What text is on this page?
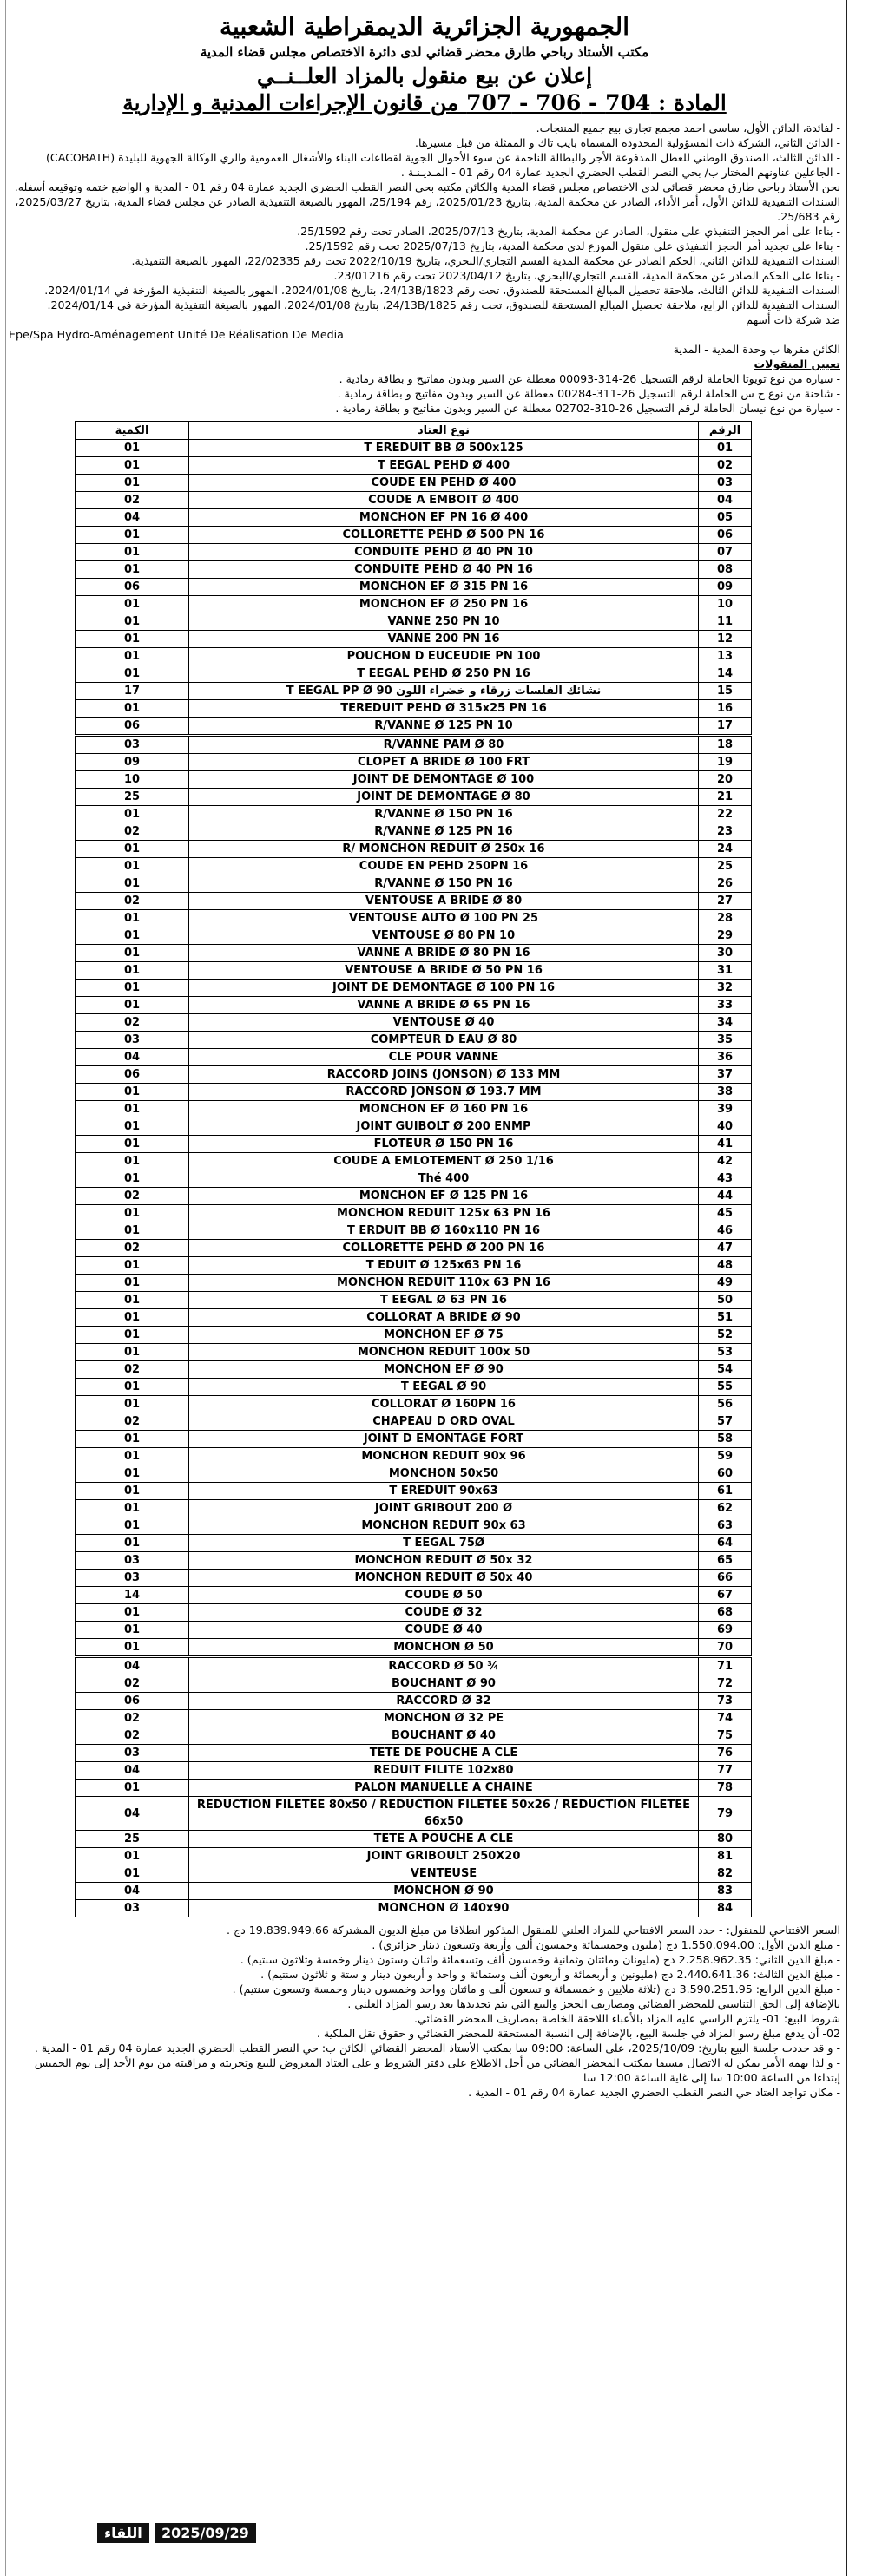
الجمهورية الجزائرية الديمقراطية الشعبية
مكتب الأستاذ رباحي طارق محضر قضائي لدى دائرة الاختصاص مجلس قضاء المدية
إعلان عن بيع منقول بالمزاد العلــنــي
المادة : 704 - 706 - 707 من قانون الإجراءات المدنية و الإدارية

- لفائدة، الدائن الأول، ساسي احمد مجمع تجاري بيع جميع المنتجات.

- الدائن الثاني، الشركة ذات المسؤولية المحدودة المسماة بايب تاك و الممثلة من قبل مسيرها.

- الدائن الثالث، الصندوق الوطني للعطل المدفوعة الأجر والبطالة الناجمة عن سوء الأحوال الجوية لقطاعات البناء والأشغال العمومية والري الوكالة الجهوية للبليدة (CACOBATH)

- الجاعلين عناونهم المختار ب/ بحي النصر القطب الحضري الجديد عمارة 04 رقم 01 - المـديـنـة .

نحن الأستاذ رباحي طارق محضر قضائي لدى الاختصاص مجلس قضاء المدية والكائن مكتبه بحي النصر القطب الحضري الجديد عمارة 04 رقم 01 - المدية و الواضع ختمه وتوقيعه أسفله.

السندات التنفيذية للدائن الأول، أمر الأداء، الصادر عن محكمة المدية، بتاريخ 2025/01/23، رقم 25/194، المهور بالصيغة التنفيذية الصادر عن مجلس قضاء المدية، بتاريخ 2025/03/27، رقم 25/683.

- بناءا على أمر الحجز التنفيذي على منقول، الصادر عن محكمة المدية، بتاريخ 2025/07/13، الصادر تحت رقم 25/1592.

- بناءا على تجديد أمر الحجز التنفيذي على منقول الموزع لدى محكمة المدية، بتاريخ 2025/07/13 تحت رقم 25/1592.

السندات التنفيذية للدائن الثاني، الحكم الصادر عن محكمة المدية القسم التجاري/البحري، بتاريخ 2022/10/19 تحت رقم 22/02335، المهور بالصيغة التنفيذية.

- بناءا على الحكم الصادر عن محكمة المدية، القسم التجاري/البحري، بتاريخ 2023/04/12 تحت رقم 23/01216.

السندات التنفيذية للدائن الثالث، ملاحقة تحصيل المبالغ المستحقة للصندوق، تحت رقم 24/13B/1823، بتاريخ 2024/01/08، المهور بالصيغة التنفيذية المؤرخة في 2024/01/14.

السندات التنفيذية للدائن الرابع، ملاحقة تحصيل المبالغ المستحقة للصندوق، تحت رقم 24/13B/1825، بتاريخ 2024/01/08، المهور بالصيغة التنفيذية المؤرخة في 2024/01/14.

ضد شركة ذات أسهم

Epe/Spa Hydro-Aménagement Unité De Réalisation De Media

الكائن مقرها ب وحدة المدية - المدية

تعيين المنقولات

- سيارة من نوع تويوتا الحاملة لرقم التسجيل 26-314-00093 معطلة عن السير وبدون مفاتيح و بطاقة رمادية .

- شاحنة من نوع ج س الحاملة لرقم التسجيل 26-311-00284 معطلة عن السير وبدون مفاتيح و بطاقة رمادية .

- سيارة من نوع نيسان الحاملة لرقم التسجيل 26-310-02702 معطلة عن السير وبدون مفاتيح و بطاقة رمادية .

الرقم	نوع العتاد	الكمية
01	T EREDUIT BB Ø 500x125	01
02	T EEGAL PEHD Ø 400	01
03	COUDE EN PEHD Ø 400	01
04	COUDE A EMBOIT Ø 400	02
05	MONCHON EF PN 16 Ø 400	04
06	COLLORETTE PEHD Ø 500 PN 16	01
07	CONDUITE PEHD Ø 40 PN 10	01
08	CONDUITE PEHD Ø 40 PN 16	01
09	MONCHON EF Ø 315 PN 16	06
10	MONCHON EF Ø 250 PN 16	01
11	VANNE 250 PN 10	01
12	VANNE 200 PN 16	01
13	POUCHON D EUCEUDIE PN 100	01
14	T EEGAL PEHD Ø 250 PN 16	01
15	T EEGAL PP Ø 90 نشائك الفلسات زرقاء و خضراء اللون	17
16	TEREDUIT PEHD Ø 315x25 PN 16	01
17	R/VANNE Ø 125 PN 10	06
18	R/VANNE PAM Ø 80	03
19	CLOPET A BRIDE Ø 100 FRT	09
20	JOINT DE DEMONTAGE Ø 100	10
21	JOINT DE DEMONTAGE Ø 80	25
22	R/VANNE Ø 150 PN 16	01
23	R/VANNE Ø 125 PN 16	02
24	R/ MONCHON REDUIT Ø 250x 16	01
25	COUDE EN PEHD 250PN 16	01
26	R/VANNE Ø 150 PN 16	01
27	VENTOUSE A BRIDE Ø 80	02
28	VENTOUSE AUTO Ø 100 PN 25	01
29	VENTOUSE Ø 80 PN 10	01
30	VANNE A BRIDE Ø 80 PN 16	01
31	VENTOUSE A BRIDE Ø 50 PN 16	01
32	JOINT DE DEMONTAGE Ø 100 PN 16	01
33	VANNE A BRIDE Ø 65 PN 16	01
34	VENTOUSE Ø 40	02
35	COMPTEUR D EAU Ø 80	03
36	CLE POUR VANNE	04
37	RACCORD JOINS (JONSON) Ø 133 MM	06
38	RACCORD JONSON Ø 193.7 MM	01
39	MONCHON EF Ø 160 PN 16	01
40	JOINT GUIBOLT Ø 200 ENMP	01
41	FLOTEUR Ø 150 PN 16	01
42	COUDE A EMLOTEMENT Ø 250 1/16	01
43	Thé 400	01
44	MONCHON EF Ø 125 PN 16	02
45	MONCHON REDUIT 125x 63 PN 16	01
46	T ERDUIT BB Ø 160x110 PN 16	01
47	COLLORETTE PEHD Ø 200 PN 16	02
48	T EDUIT Ø 125x63 PN 16	01
49	MONCHON REDUIT 110x 63 PN 16	01
50	T EEGAL Ø 63 PN 16	01
51	COLLORAT A BRIDE Ø 90	01
52	MONCHON EF Ø 75	01
53	MONCHON REDUIT 100x 50	01
54	MONCHON EF Ø 90	02
55	T EEGAL Ø 90	01
56	COLLORAT Ø 160PN 16	01
57	CHAPEAU D ORD OVAL	02
58	JOINT D EMONTAGE FORT	01
59	MONCHON REDUIT 90x 96	01
60	MONCHON 50x50	01
61	T EREDUIT 90x63	01
62	JOINT GRIBOUT 200 Ø	01
63	MONCHON REDUIT 90x 63	01
64	T EEGAL 75Ø	01
65	MONCHON REDUIT Ø 50x 32	03
66	MONCHON REDUIT Ø 50x 40	03
67	COUDE Ø 50	14
68	COUDE Ø 32	01
69	COUDE Ø 40	01
70	MONCHON Ø 50	01
71	RACCORD Ø 50 ¾	04
72	BOUCHANT Ø 90	02
73	RACCORD Ø 32	06
74	MONCHON Ø 32 PE	02
75	BOUCHANT Ø 40	02
76	TETE DE POUCHE A CLE	03
77	REDUIT FILITE 102x80	04
78	PALON MANUELLE A CHAINE	01
79	REDUCTION FILETEE 80x50 / REDUCTION FILETEE 50x26 / REDUCTION FILETEE 66x50	04
80	TETE A POUCHE A CLE	25
81	JOINT GRIBOULT 250X20	01
82	VENTEUSE	01
83	MONCHON Ø 90	04
84	MONCHON Ø 140x90	03

السعر الافتتاحي للمنقول: - حدد السعر الافتتاحي للمزاد العلني للمنقول المذكور انطلاقا من مبلغ الديون المشتركة 19.839.949.66 دج .

- مبلغ الدين الأول: 1.550.094.00 دج (مليون وخمسمائة وخمسون ألف وأربعة وتسعون دينار جزائري) .

- مبلغ الدين الثاني: 2.258.962.35 دج (مليونان ومائتان وثمانية وخمسون ألف وتسعمائة واثنان وستون دينار وخمسة وثلاثون سنتيم) .

- مبلغ الدين الثالث: 2.440.641.36 دج (مليونين و أربعمائة و أربعون ألف وستمائة و واحد و أربعون دينار و ستة و ثلاثون سنتيم) .

- مبلغ الدين الرابع: 3.590.251.95 دج (ثلاثة ملايين و خمسمائة و تسعون ألف و مائتان وواحد وخمسون دينار وخمسة وتسعون سنتيم) .

بالإضافة إلى الحق التناسبي للمحضر القضائي ومصاريف الحجز والبيع التي يتم تحديدها بعد رسو المزاد العلني .

شروط البيع: 01- يلتزم الراسي عليه المزاد بالأعباء اللاحقة الخاصة بمصاريف المحضر القضائي.

02- أن يدفع مبلغ رسو المزاد في جلسة البيع، بالإضافة إلى النسبة المستحقة للمحضر القضائي و حقوق نقل الملكية .

- و قد حددت جلسة البيع بتاريخ: 2025/10/09، على الساعة: 09:00 سا بمكتب الأستاذ المحضر القضائي الكائن ب: حي النصر القطب الحضري الجديد عمارة 04 رقم 01 - المدية .

- و لذا يهمه الأمر يمكن له الاتصال مسبقا بمكتب المحضر القضائي من أجل الاطلاع على دفتر الشروط و على العتاد المعروض للبيع وتجربته و مراقبته من يوم الأحد إلى يوم الخميس إبتداءا من الساعة 10:00 سا إلى غاية الساعة 12:00 سا

- مكان تواجد العتاد حي النصر القطب الحضري الجديد عمارة 04 رقم 01 - المدية .

2025/09/29
اللقاء
